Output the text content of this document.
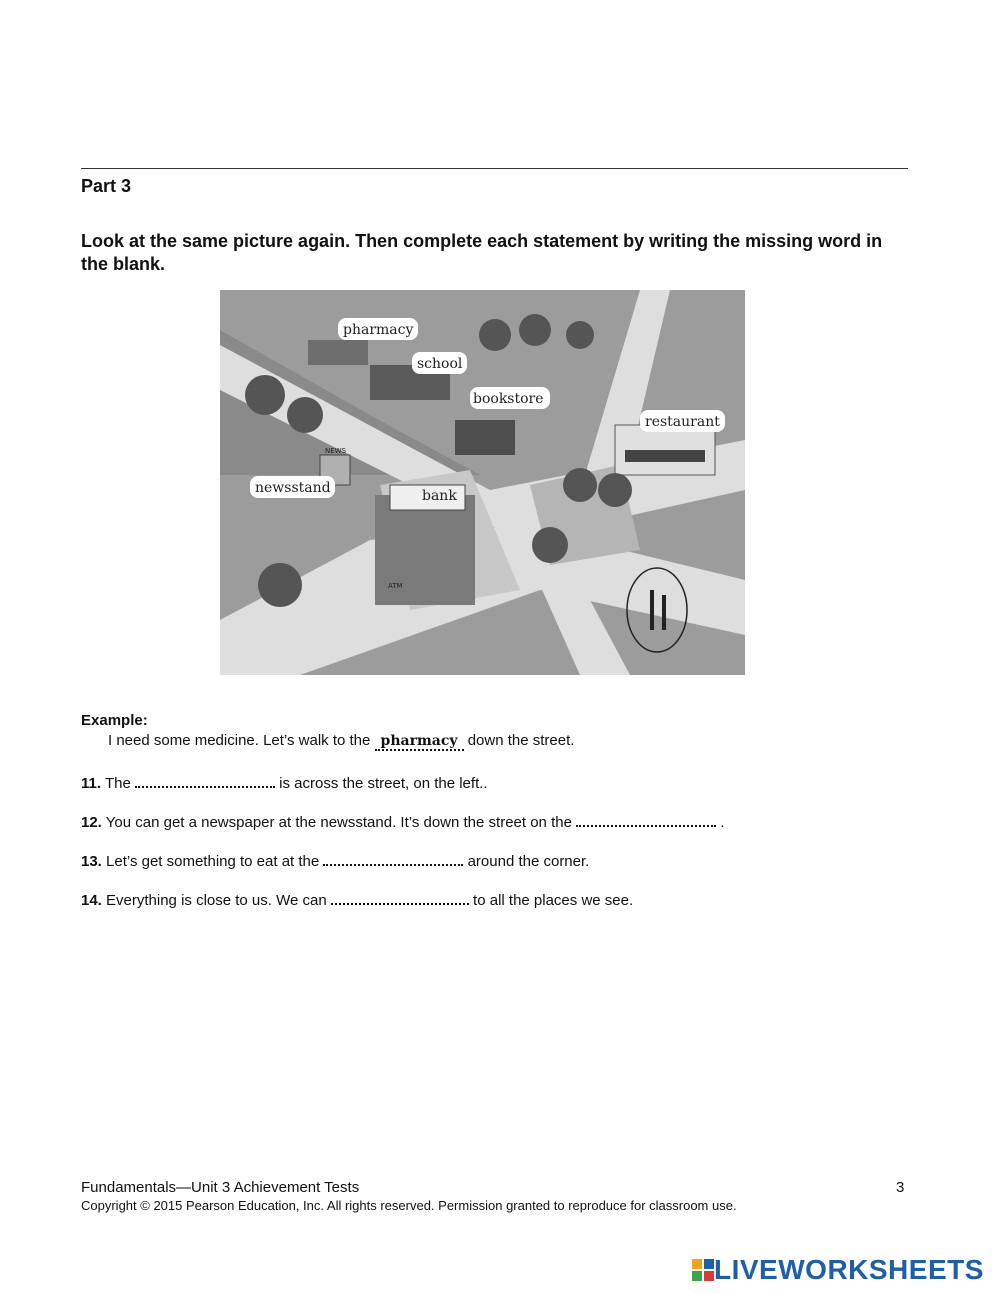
Part 3
Look at the same picture again. Then complete each statement by writing the missing word in the blank.
pharmacy
school
bookstore
restaurant
newsstand	bank
NEWS
ATM
Example:
I need some medicine. Let’s walk to the pharmacy down the street.
11. The	is across the street, on the left..
12. You can get a newspaper at the newsstand. It’s down the street on the	.
13. Let’s get something to eat at the	around the corner.
14. Everything is close to us. We can	to all the places we see.
Fundamentals—Unit 3 Achievement Tests	3
Copyright © 2015 Pearson Education, Inc. All rights reserved. Permission granted to reproduce for classroom use.
LIVEWORKSHEETS
